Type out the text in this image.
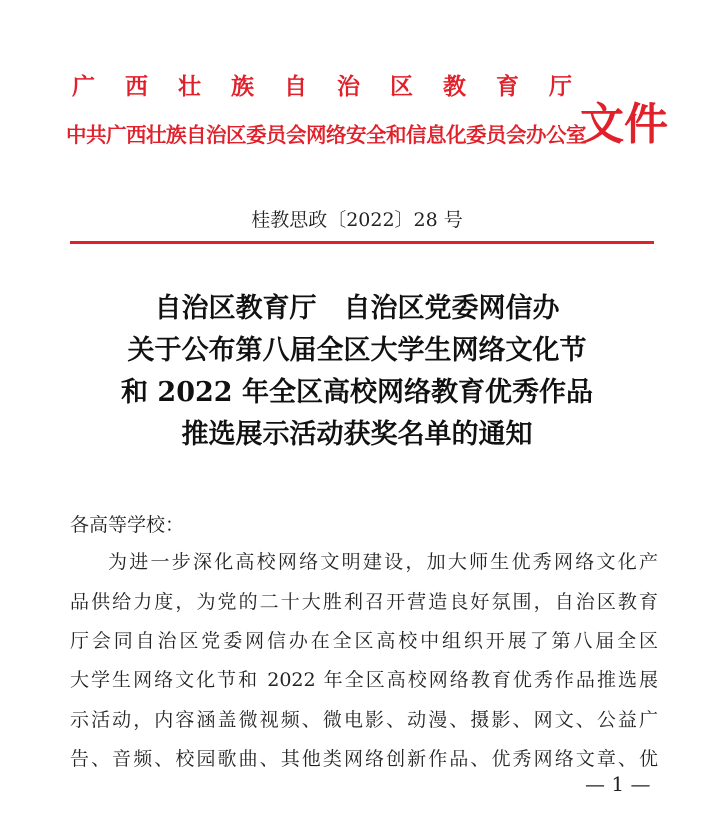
广 西 壮 族 自 治 区 教 育 厅
中共广西壮族自治区委员会网络安全和信息化委员会办公室
文件
桂教思政〔2022〕28 号
自治区教育厅　自治区党委网信办
关于公布第八届全区大学生网络文化节
和 2022 年全区高校网络教育优秀作品
推选展示活动获奖名单的通知
各高等学校：
为进一步深化高校网络文明建设，加大师生优秀网络文化产
品供给力度，为党的二十大胜利召开营造良好氛围，自治区教育
厅会同自治区党委网信办在全区高校中组织开展了第八届全区
大学生网络文化节和 2022 年全区高校网络教育优秀作品推选展
示活动，内容涵盖微视频、微电影、动漫、摄影、网文、公益广
告、音频、校园歌曲、其他类网络创新作品、优秀网络文章、优
— 1 —
